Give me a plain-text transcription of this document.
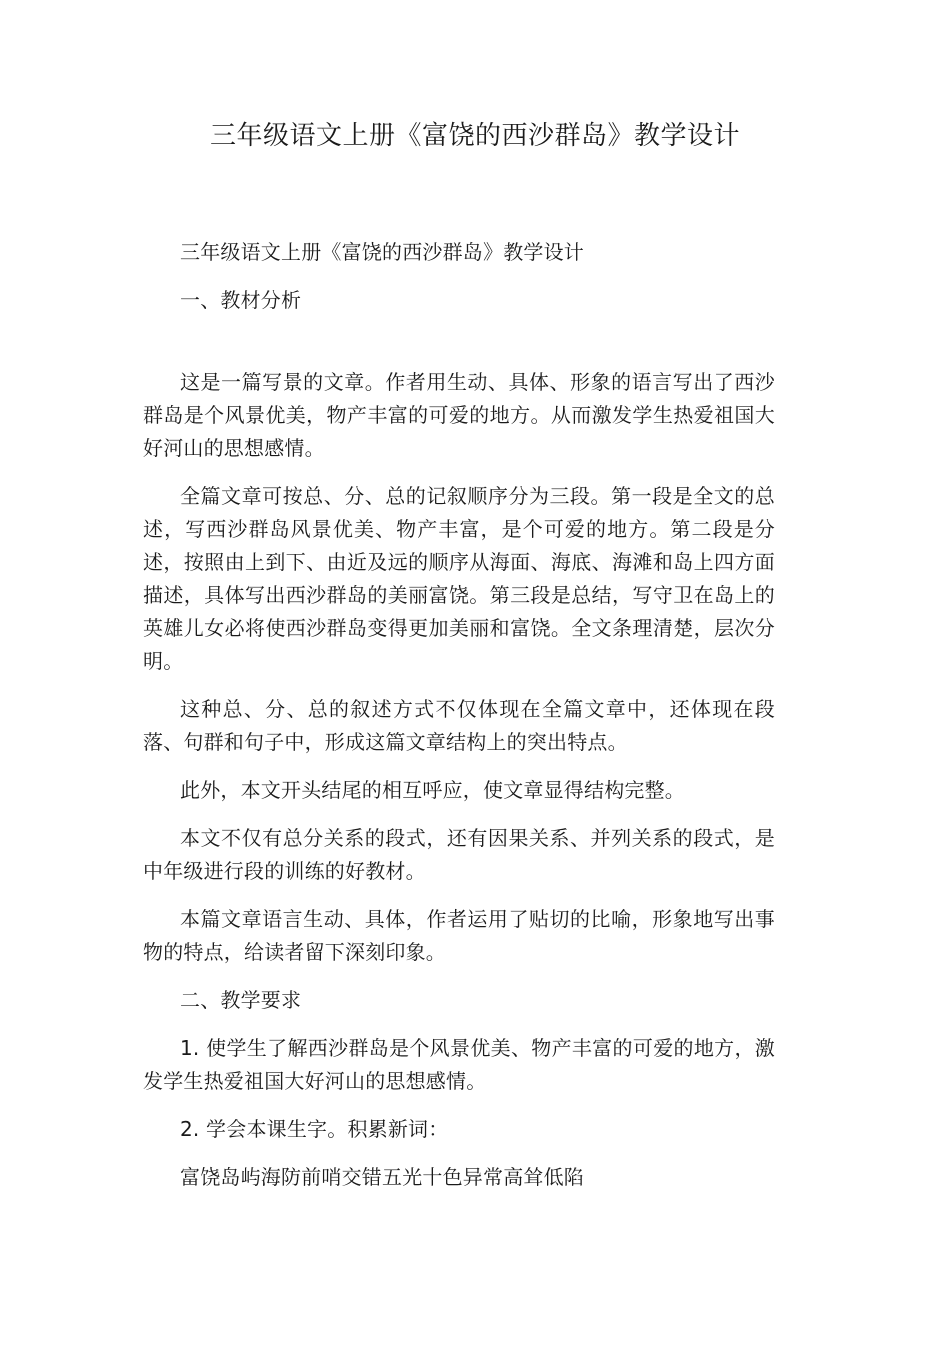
三年级语文上册《富饶的西沙群岛》教学设计

三年级语文上册《富饶的西沙群岛》教学设计

一、教材分析

这是一篇写景的文章。作者用生动、具体、形象的语言写出了西沙群岛是个风景优美，物产丰富的可爱的地方。从而激发学生热爱祖国大好河山的思想感情。

全篇文章可按总、分、总的记叙顺序分为三段。第一段是全文的总述，写西沙群岛风景优美、物产丰富，是个可爱的地方。第二段是分述，按照由上到下、由近及远的顺序从海面、海底、海滩和岛上四方面描述，具体写出西沙群岛的美丽富饶。第三段是总结，写守卫在岛上的英雄儿女必将使西沙群岛变得更加美丽和富饶。全文条理清楚，层次分明。

这种总、分、总的叙述方式不仅体现在全篇文章中，还体现在段落、句群和句子中，形成这篇文章结构上的突出特点。

此外，本文开头结尾的相互呼应，使文章显得结构完整。

本文不仅有总分关系的段式，还有因果关系、并列关系的段式，是中年级进行段的训练的好教材。

本篇文章语言生动、具体，作者运用了贴切的比喻，形象地写出事物的特点，给读者留下深刻印象。

二、教学要求

1. 使学生了解西沙群岛是个风景优美、物产丰富的可爱的地方，激发学生热爱祖国大好河山的思想感情。

2. 学会本课生字。积累新词：

富饶岛屿海防前哨交错五光十色异常高耸低陷
